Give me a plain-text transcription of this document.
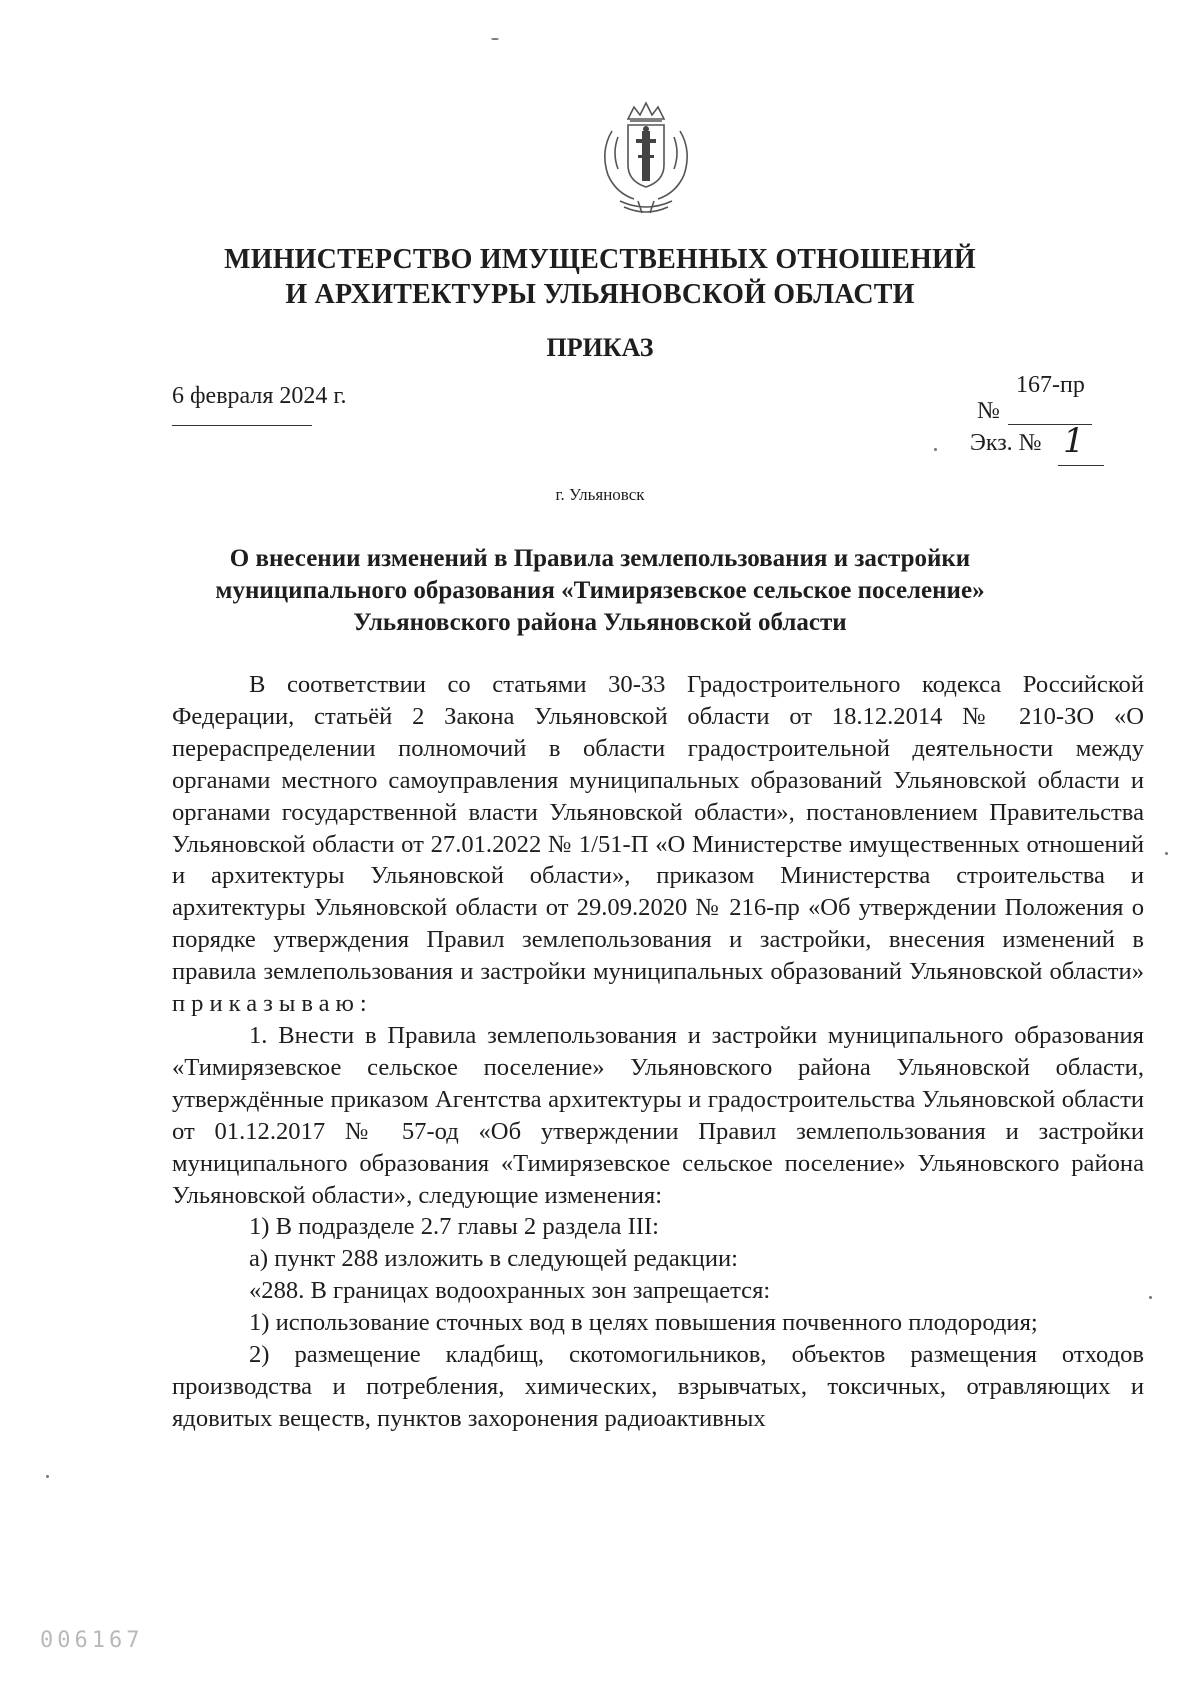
МИНИСТЕРСТВО ИМУЩЕСТВЕННЫХ ОТНОШЕНИЙ
И АРХИТЕКТУРЫ УЛЬЯНОВСКОЙ ОБЛАСТИ
ПРИКАЗ
6 февраля 2024 г.
№
167-пр
Экз. № 1
г. Ульяновск
О внесении изменений в Правила землепользования и застройки
муниципального образования «Тимирязевское сельское поселение»
Ульяновского района Ульяновской области

В соответствии со статьями 30-33 Градостроительного кодекса Российской Федерации, статьёй 2 Закона Ульяновской области от 18.12.2014 № 210-ЗО «О перераспределении полномочий в области градостроительной деятельности между органами местного самоуправления муниципальных образований Ульяновской области и органами государственной власти Ульяновской области», постановлением Правительства Ульяновской области от 27.01.2022 № 1/51-П «О Министерстве имущественных отношений и архитектуры Ульяновской области», приказом Министерства строительства и архитектуры Ульяновской области от 29.09.2020 № 216-пр «Об утверждении Положения о порядке утверждения Правил землепользования и застройки, внесения изменений в правила землепользования и застройки муниципальных образований Ульяновской области» приказываю:

1. Внести в Правила землепользования и застройки муниципального образования «Тимирязевское сельское поселение» Ульяновского района Ульяновской области, утверждённые приказом Агентства архитектуры и градостроительства Ульяновской области от 01.12.2017 № 57-од «Об утверждении Правил землепользования и застройки муниципального образования «Тимирязевское сельское поселение» Ульяновского района Ульяновской области», следующие изменения:

1) В подразделе 2.7 главы 2 раздела III:

а) пункт 288 изложить в следующей редакции:

«288. В границах водоохранных зон запрещается:

1) использование сточных вод в целях повышения почвенного плодородия;

2) размещение кладбищ, скотомогильников, объектов размещения отходов производства и потребления, химических, взрывчатых, токсичных, отравляющих и ядовитых веществ, пунктов захоронения радиоактивных

006167
